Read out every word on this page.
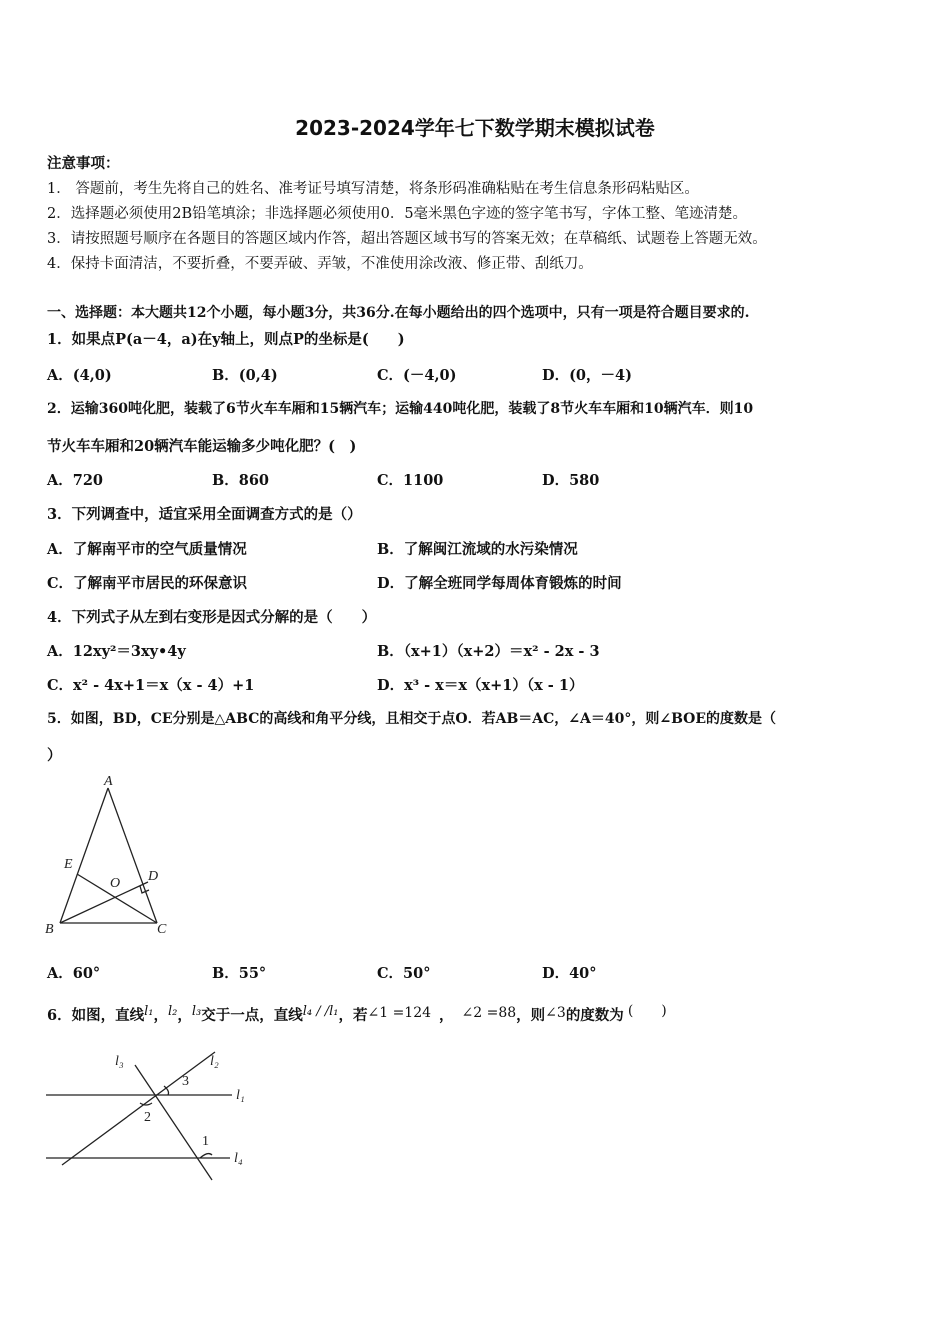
2023-2024学年七下数学期末模拟试卷
注意事项：
1． 答题前，考生先将自己的姓名、准考证号填写清楚，将条形码准确粘贴在考生信息条形码粘贴区。
2．选择题必须使用2B铅笔填涂；非选择题必须使用0．5毫米黑色字迹的签字笔书写，字体工整、笔迹清楚。
3．请按照题号顺序在各题目的答题区域内作答，超出答题区域书写的答案无效；在草稿纸、试题卷上答题无效。
4．保持卡面清洁，不要折叠，不要弄破、弄皱，不准使用涂改液、修正带、刮纸刀。
一、选择题：本大题共12个小题，每小题3分，共36分.在每小题给出的四个选项中，只有一项是符合题目要求的.
1．如果点P(a－4，a)在y轴上，则点P的坐标是(　　)
A．(4,0)	B．(0,4)	C．(－4,0)	D．(0，－4)
2．运输360吨化肥，装载了6节火车车厢和15辆汽车；运输440吨化肥，装载了8节火车车厢和10辆汽车．则10
节火车车厢和20辆汽车能运输多少吨化肥？(　)
A．720	B．860	C．1100	D．580
3．下列调查中，适宜采用全面调查方式的是（）
A．了解南平市的空气质量情况	B．了解闽江流域的水污染情况
C．了解南平市居民的环保意识	D．了解全班同学每周体育锻炼的时间
4．下列式子从左到右变形是因式分解的是（　　）
A．12xy²＝3xy•4y	B．（x+1）（x+2）＝x² - 2x - 3
C．x² - 4x+1＝x（x - 4）+1	D．x³ - x＝x（x+1）（x - 1）
5．如图，BD，CE分别是△ABC的高线和角平分线，且相交于点O．若AB＝AC，∠A＝40°，则∠BOE的度数是（
）
A
E
O D
B	C
A．60°	B．55°	C．50°	D．40°
6．如图，直线l₁，l₂，l₃交于一点，直线l₄ / /l₁，若∠1 =124 ， ∠2 =88，则∠3的度数为 (　　)
l₃	l₂
3
l₁
2
1
l₄
